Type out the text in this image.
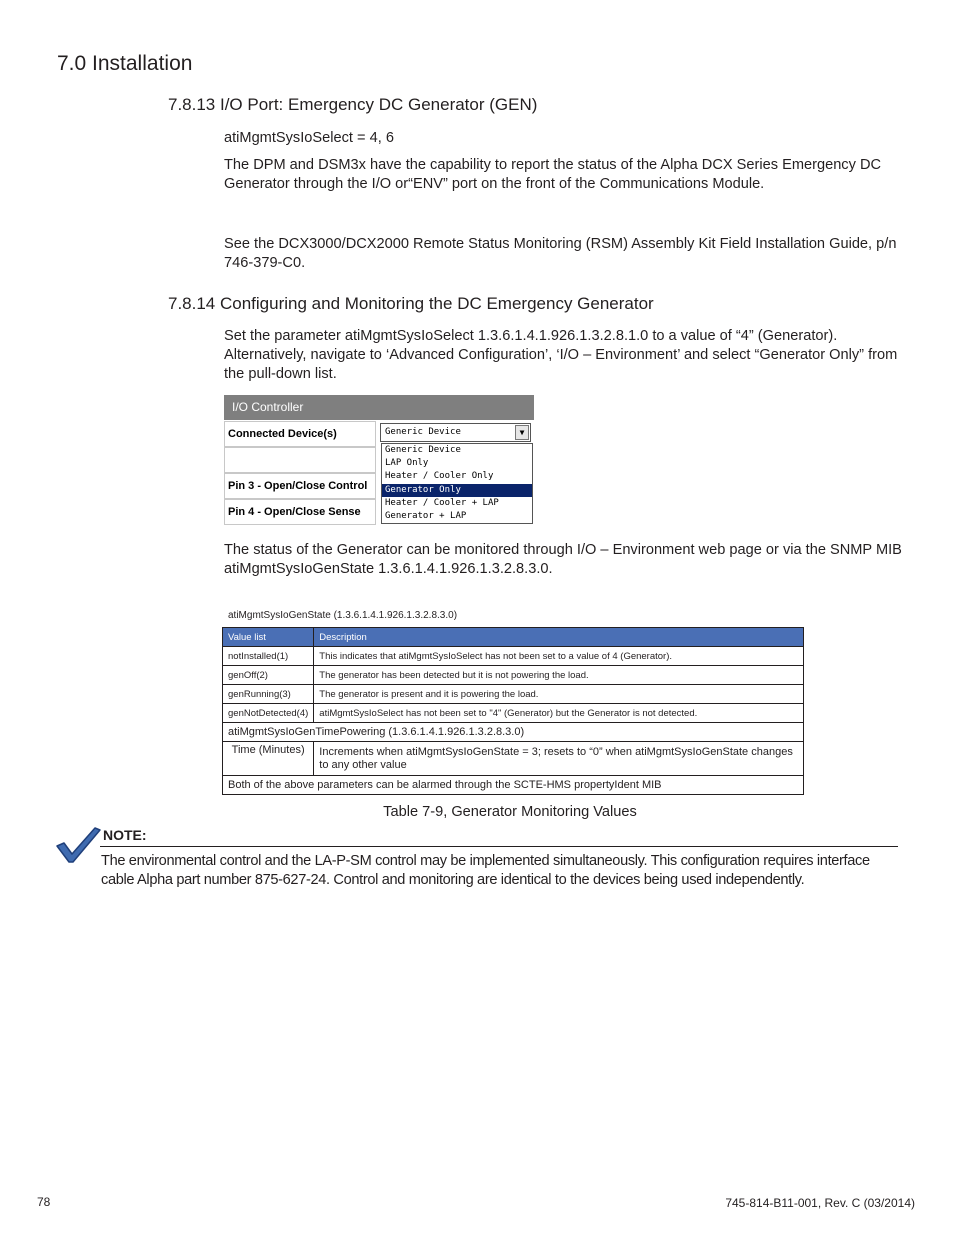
7.0 Installation
7.8.13 I/O Port: Emergency DC Generator (GEN)
atiMgmtSysIoSelect = 4, 6
The DPM and DSM3x have the capability to report the status of the Alpha DCX Series Emergency DC Generator through the I/O or“ENV” port on the front of the Communications Module.
See the DCX3000/DCX2000 Remote Status Monitoring (RSM) Assembly Kit Field Installation Guide, p/n 746-379-C0.
7.8.14 Configuring and Monitoring the DC Emergency Generator
Set the parameter atiMgmtSysIoSelect 1.3.6.1.4.1.926.1.3.2.8.1.0 to a value of “4” (Generator). Alternatively, navigate to ‘Advanced Configuration’, ‘I/O – Environment’ and select “Generator Only” from the pull-down list.
I/O Controller
Connected Device(s)
Pin 3 - Open/Close Control
Pin 4 - Open/Close Sense
Generic Device	▼
Generic Device
LAP Only
Heater / Cooler Only
Generator Only
Heater / Cooler + LAP
Generator + LAP
The status of the Generator can be monitored through I/O – Environment web page or via the SNMP MIB atiMgmtSysIoGenState 1.3.6.1.4.1.926.1.3.2.8.3.0.
atiMgmtSysIoGenState (1.3.6.1.4.1.926.1.3.2.8.3.0)
Value list	Description
notInstalled(1)	This indicates that atiMgmtSysIoSelect has not been set to a value of 4 (Generator).
genOff(2)	The generator has been detected but it is not powering the load.
genRunning(3)	The generator is present and it is powering the load.
genNotDetected(4)	atiMgmtSysIoSelect has not been set to "4" (Generator) but the Generator is not detected.
atiMgmtSysIoGenTimePowering (1.3.6.1.4.1.926.1.3.2.8.3.0)	
Time (Minutes)	Increments when atiMgmtSysIoGenState = 3; resets to “0” when atiMgmtSysIoGenState changes to any other value
Both of the above parameters can be alarmed through the SCTE-HMS propertyIdent MIB	
Table 7-9, Generator Monitoring Values
NOTE:
The environmental control and the LA-P-SM control may be implemented simultaneously. This configuration requires interface cable Alpha part number 875-627-24. Control and monitoring are identical to the devices being used independently.
78	745-814-B11-001, Rev. C (03/2014)
